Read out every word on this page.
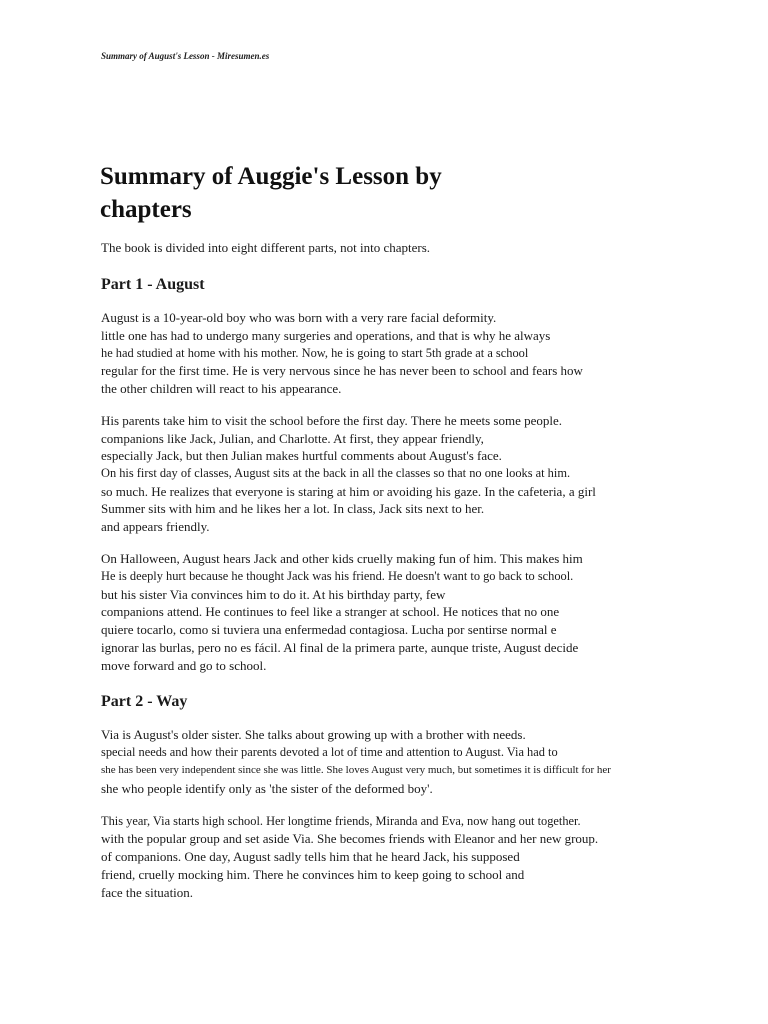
Summary of August's Lesson - Miresumen.es
Summary of Auggie's Lesson by
chapters
The book is divided into eight different parts, not into chapters.
Part 1 - August
August is a 10-year-old boy who was born with a very rare facial deformity.
little one has had to undergo many surgeries and operations, and that is why he always
he had studied at home with his mother. Now, he is going to start 5th grade at a school
regular for the first time. He is very nervous since he has never been to school and fears how
the other children will react to his appearance.
His parents take him to visit the school before the first day. There he meets some people.
companions like Jack, Julian, and Charlotte. At first, they appear friendly,
especially Jack, but then Julian makes hurtful comments about August's face.
On his first day of classes, August sits at the back in all the classes so that no one looks at him.
so much. He realizes that everyone is staring at him or avoiding his gaze. In the cafeteria, a girl
Summer sits with him and he likes her a lot. In class, Jack sits next to her.
and appears friendly.
On Halloween, August hears Jack and other kids cruelly making fun of him. This makes him
He is deeply hurt because he thought Jack was his friend. He doesn't want to go back to school.
but his sister Via convinces him to do it. At his birthday party, few
companions attend. He continues to feel like a stranger at school. He notices that no one
quiere tocarlo, como si tuviera una enfermedad contagiosa. Lucha por sentirse normal e
ignorar las burlas, pero no es fácil. Al final de la primera parte, aunque triste, August decide
move forward and go to school.
Part 2 - Way
Via is August's older sister. She talks about growing up with a brother with needs.
special needs and how their parents devoted a lot of time and attention to August. Via had to
she has been very independent since she was little. She loves August very much, but sometimes it is difficult for her
she who people identify only as 'the sister of the deformed boy'.
This year, Via starts high school. Her longtime friends, Miranda and Eva, now hang out together.
with the popular group and set aside Via. She becomes friends with Eleanor and her new group.
of companions. One day, August sadly tells him that he heard Jack, his supposed
friend, cruelly mocking him. There he convinces him to keep going to school and
face the situation.
